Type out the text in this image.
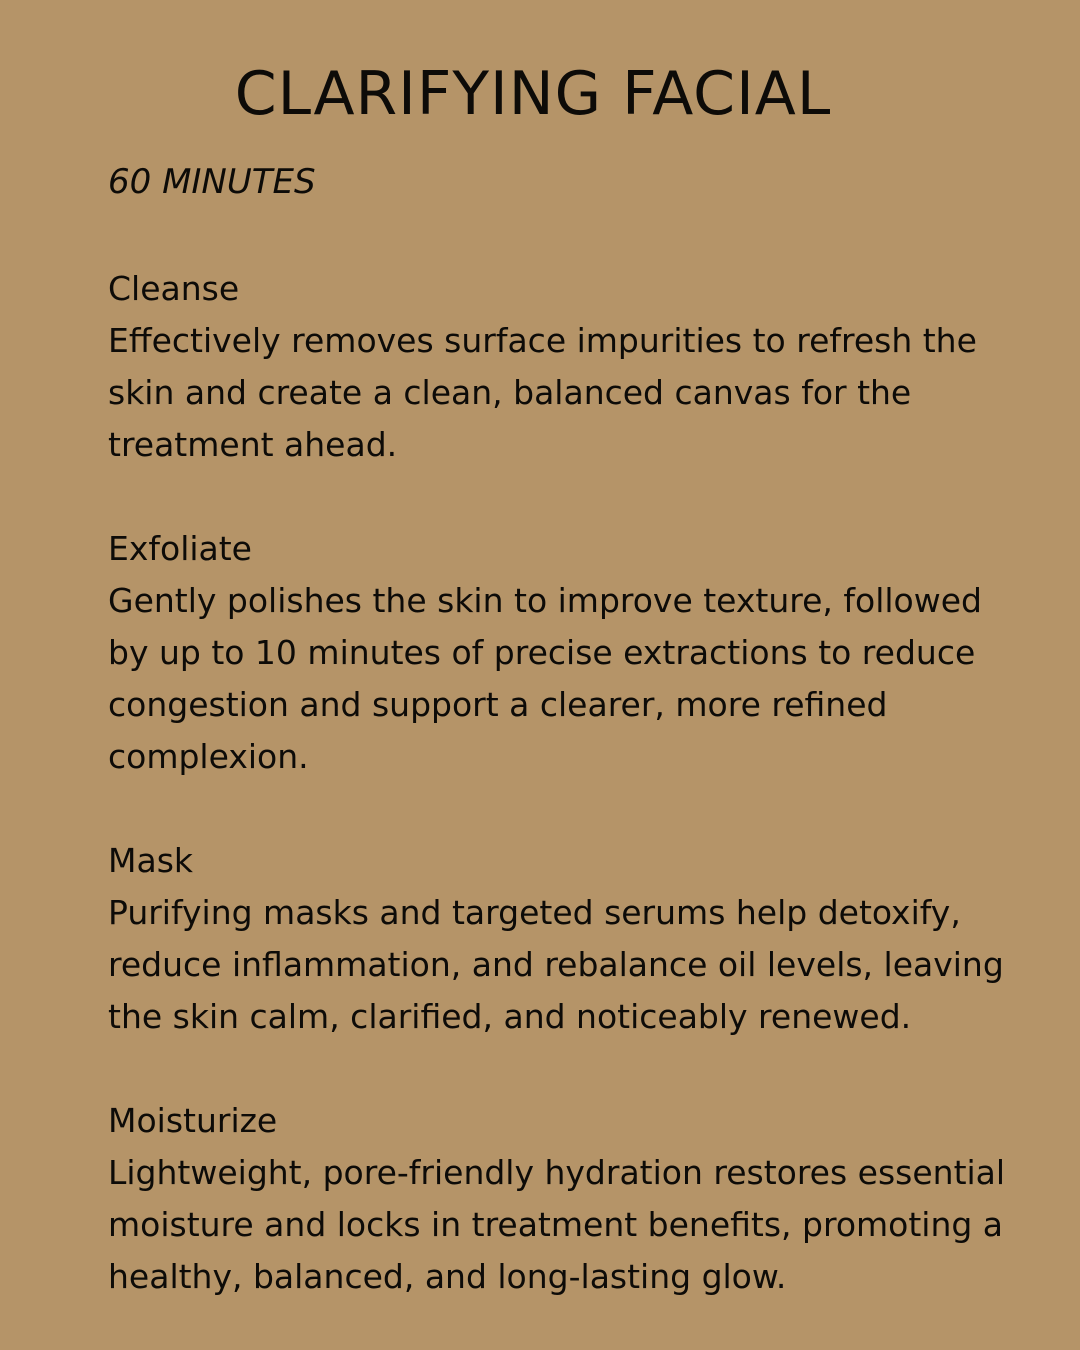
CLARIFYING FACIAL

60 MINUTES

Cleanse

Effectively removes surface impurities to refresh the skin and create a clean, balanced canvas for the treatment ahead.

Exfoliate

Gently polishes the skin to improve texture, followed by up to 10 minutes of precise extractions to reduce congestion and support a clearer, more refined complexion.

Mask

Purifying masks and targeted serums help detoxify, reduce inflammation, and rebalance oil levels, leaving the skin calm, clarified, and noticeably renewed.

Moisturize

Lightweight, pore-friendly hydration restores essential moisture and locks in treatment benefits, promoting a healthy, balanced, and long-lasting glow.
